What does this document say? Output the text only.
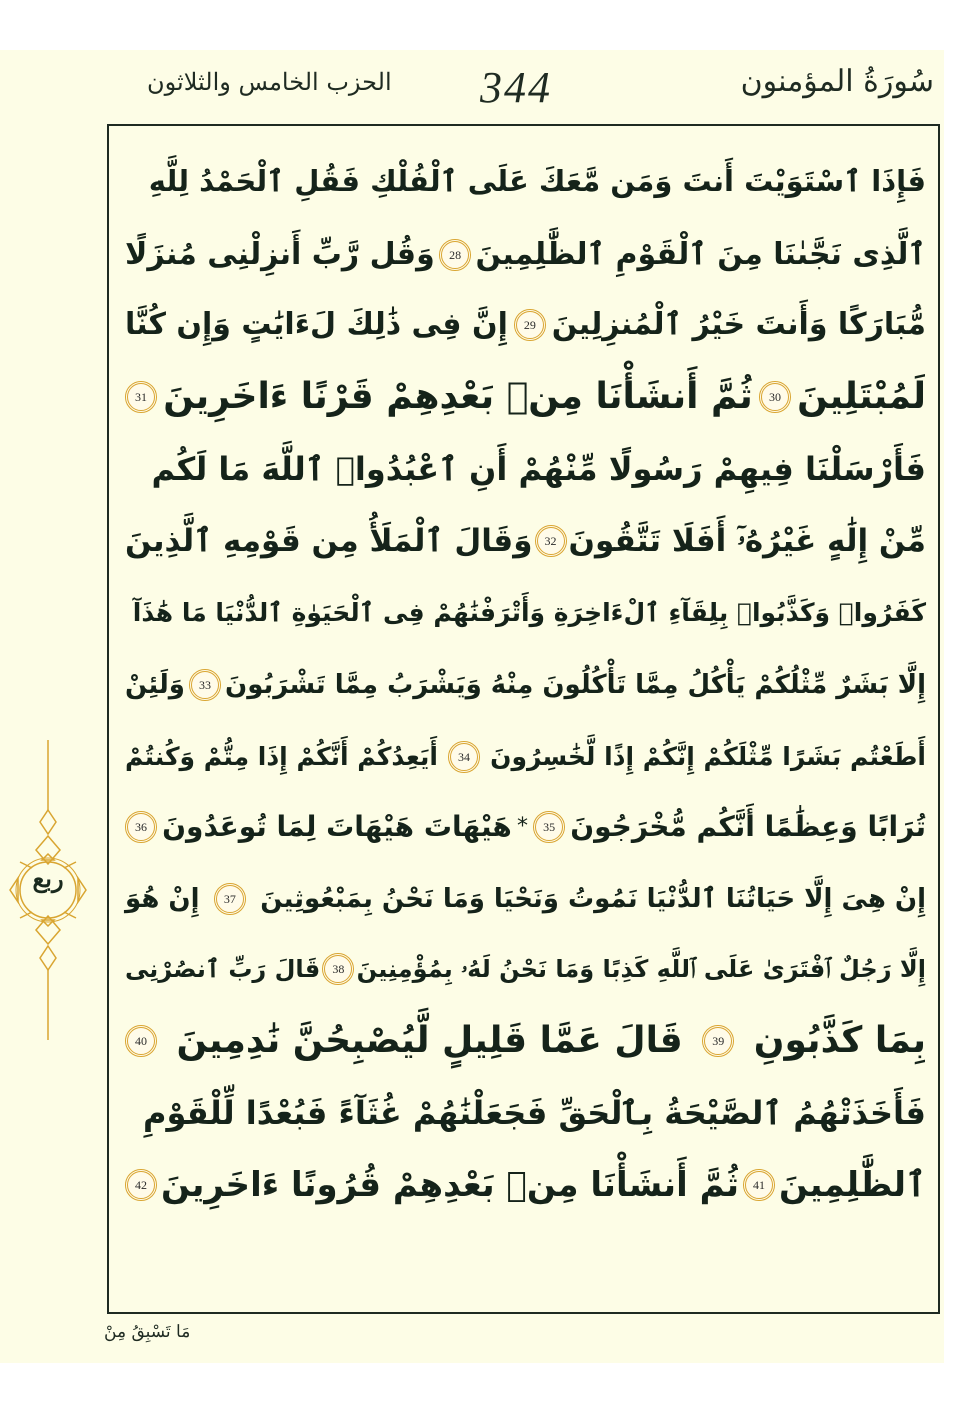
الحزب الخامس والثلاثون 344	سُورَةُ المؤمنون
فَإِذَا ٱسْتَوَيْتَ أَنتَ وَمَن مَّعَكَ عَلَى ٱلْفُلْكِ فَقُلِ ٱلْحَمْدُ لِلَّهِ
ٱلَّذِى نَجَّىٰنَا مِنَ ٱلْقَوْمِ ٱلظَّٰلِمِينَ
28
وَقُل رَّبِّ أَنزِلْنِى مُنزَلًا
مُّبَارَكًا وَأَنتَ خَيْرُ ٱلْمُنزِلِينَ
29
إِنَّ فِى ذَٰلِكَ لَءَايَٰتٍ وَإِن كُنَّا
لَمُبْتَلِينَ
30
ثُمَّ أَنشَأْنَا مِنۢ بَعْدِهِمْ قَرْنًا ءَاخَرِينَ
31
فَأَرْسَلْنَا فِيهِمْ رَسُولًا مِّنْهُمْ أَنِ ٱعْبُدُوا۟ ٱللَّهَ مَا لَكُم
مِّنْ إِلَٰهٍ غَيْرُهُۥٓ أَفَلَا تَتَّقُونَ
32
وَقَالَ ٱلْمَلَأُ مِن قَوْمِهِ ٱلَّذِينَ
كَفَرُوا۟ وَكَذَّبُوا۟ بِلِقَآءِ ٱلْءَاخِرَةِ وَأَتْرَفْنَٰهُمْ فِى ٱلْحَيَوٰةِ ٱلدُّنْيَا مَا هَٰذَآ
إِلَّا بَشَرٌ مِّثْلُكُمْ يَأْكُلُ مِمَّا تَأْكُلُونَ مِنْهُ وَيَشْرَبُ مِمَّا تَشْرَبُونَ
33
وَلَئِنْ
أَطَعْتُم بَشَرًا مِّثْلَكُمْ إِنَّكُمْ إِذًا لَّخَٰسِرُونَ
34
أَيَعِدُكُمْ أَنَّكُمْ إِذَا مِتُّمْ وَكُنتُمْ
تُرَابًا وَعِظَٰمًا أَنَّكُم مُّخْرَجُونَ
35
*
هَيْهَاتَ هَيْهَاتَ لِمَا تُوعَدُونَ
36
إِنْ هِىَ إِلَّا حَيَاتُنَا ٱلدُّنْيَا نَمُوتُ وَنَحْيَا وَمَا نَحْنُ بِمَبْعُوثِينَ
37
إِنْ هُوَ
إِلَّا رَجُلٌ ٱفْتَرَىٰ عَلَى ٱللَّهِ كَذِبًا وَمَا نَحْنُ لَهُۥ بِمُؤْمِنِينَ
38
قَالَ رَبِّ ٱنصُرْنِى
بِمَا كَذَّبُونِ
39
قَالَ عَمَّا قَلِيلٍ لَّيُصْبِحُنَّ نَٰدِمِينَ
40
فَأَخَذَتْهُمُ ٱلصَّيْحَةُ بِٱلْحَقِّ فَجَعَلْنَٰهُمْ غُثَآءً فَبُعْدًا لِّلْقَوْمِ
ٱلظَّٰلِمِينَ
41
ثُمَّ أَنشَأْنَا مِنۢ بَعْدِهِمْ قُرُونًا ءَاخَرِينَ
42
ربع
مَا تَسْبِقُ مِنْ
